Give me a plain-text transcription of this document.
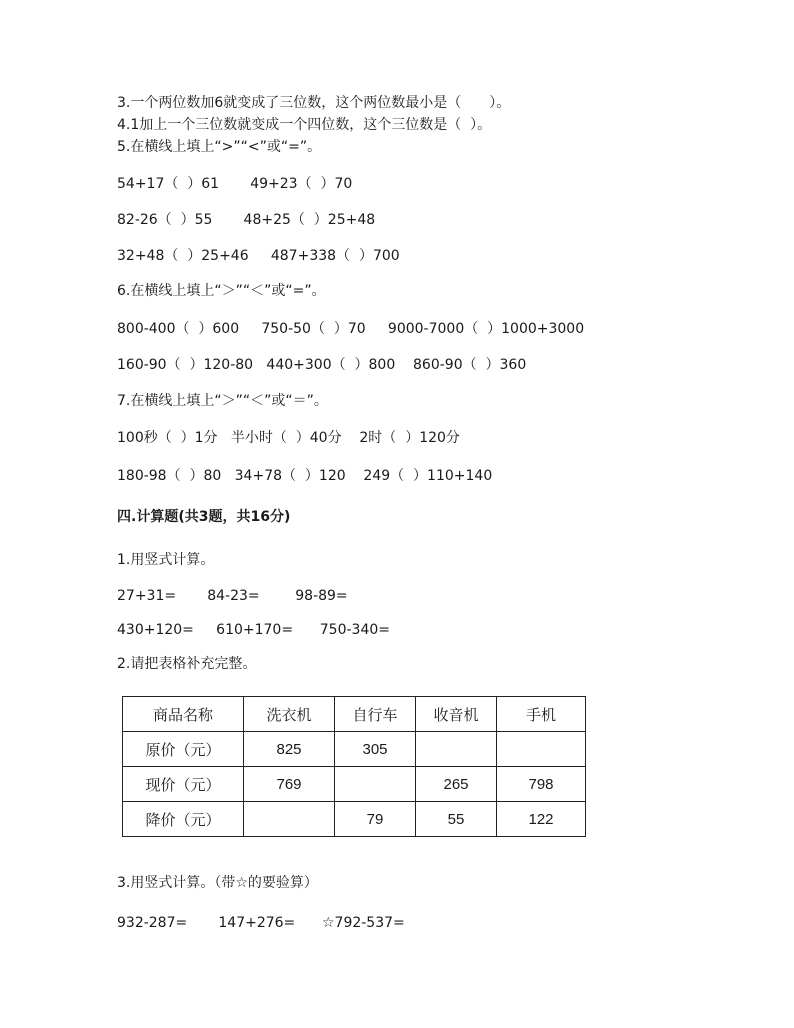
3.一个两位数加6就变成了三位数，这个两位数最小是（　　）。
4.1加上一个三位数就变成一个四位数，这个三位数是（  ）。
5.在横线上填上“>”“<”或“=”。
54+17（  ）61       49+23（  ）70
82-26（  ）55       48+25（  ）25+48
32+48（  ）25+46     487+338（  ）700
6.在横线上填上“＞”“＜”或“=”。
800-400（  ）600     750-50（  ）70     9000-7000（  ）1000+3000
160-90（  ）120-80   440+300（  ）800    860-90（  ）360
7.在横线上填上“＞”“＜”或“＝”。
100秒（  ）1分   半小时（  ）40分    2时（  ）120分
180-98（  ）80   34+78（  ）120    249（  ）110+140
四.计算题(共3题，共16分)
1.用竖式计算。
27+31=       84-23=        98-89=
430+120=     610+170=      750-340=
2.请把表格补充完整。
商品名称	洗衣机	自行车	收音机	手机
原价（元）	825	305		
现价（元）	769		265	798
降价（元）		79	55	122
3.用竖式计算。（带☆的要验算）
932-287=       147+276=      ☆792-537=
